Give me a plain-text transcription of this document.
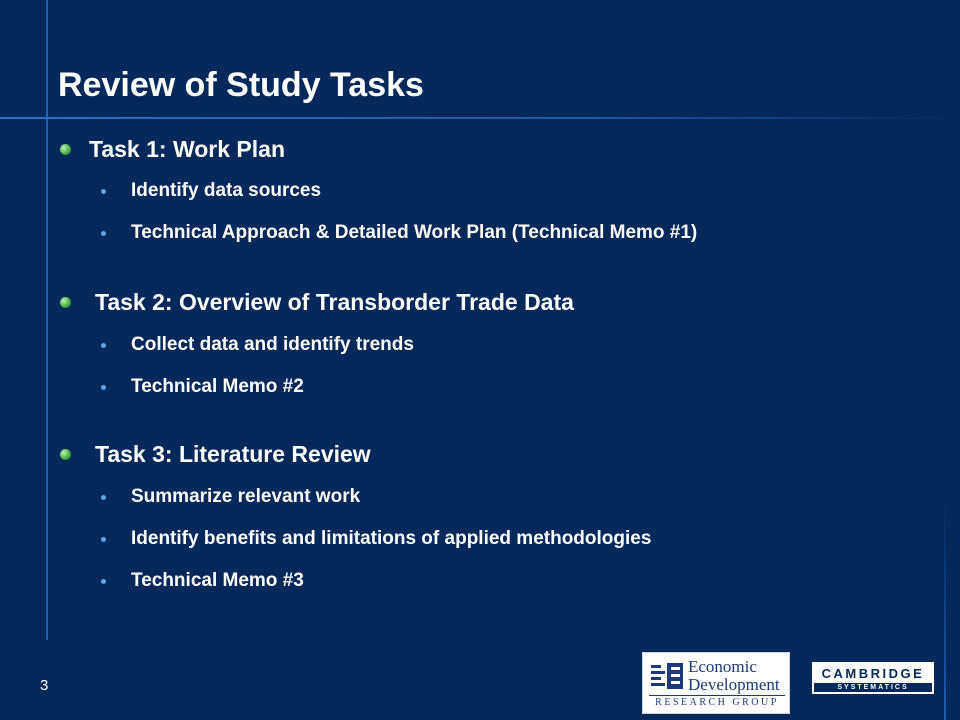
Review of Study Tasks
Task 1: Work Plan
Identify data sources
Technical Approach & Detailed Work Plan (Technical Memo #1)
Task 2: Overview of Transborder Trade Data
Collect data and identify trends
Technical Memo #2
Task 3: Literature Review
Summarize relevant work
Identify benefits and limitations of applied methodologies
Technical Memo #3
3
Economic
Development
RESEARCH GROUP
CAMBRIDGE
SYSTEMATICS
